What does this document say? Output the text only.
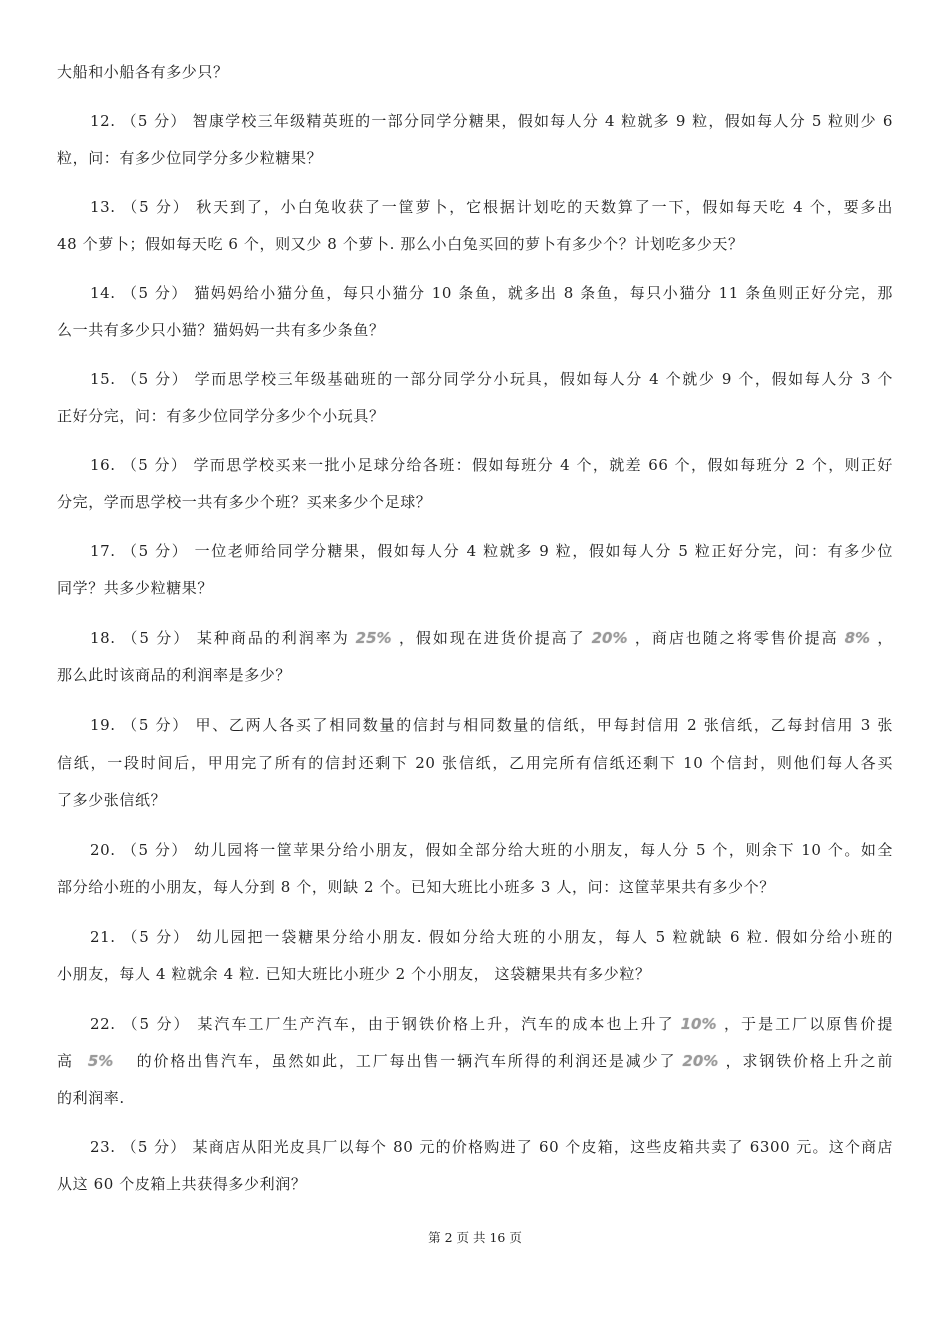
大船和小船各有多少只？
12. （5 分） 智康学校三年级精英班的一部分同学分糖果，假如每人分 4 粒就多 9 粒，假如每人分 5 粒则少 6
粒，问：有多少位同学分多少粒糖果？
13. （5 分） 秋天到了，小白兔收获了一筐萝卜，它根据计划吃的天数算了一下，假如每天吃 4 个，要多出
48 个萝卜；假如每天吃 6 个，则又少 8 个萝卜. 那么小白兔买回的萝卜有多少个？计划吃多少天？
14. （5 分） 猫妈妈给小猫分鱼，每只小猫分 10 条鱼，就多出 8 条鱼，每只小猫分 11 条鱼则正好分完，那
么一共有多少只小猫？猫妈妈一共有多少条鱼？
15. （5 分） 学而思学校三年级基础班的一部分同学分小玩具，假如每人分 4 个就少 9 个，假如每人分 3 个
正好分完，问：有多少位同学分多少个小玩具？
16. （5 分） 学而思学校买来一批小足球分给各班：假如每班分 4 个，就差 66 个，假如每班分 2 个，则正好
分完，学而思学校一共有多少个班？买来多少个足球？
17. （5 分） 一位老师给同学分糖果，假如每人分 4 粒就多 9 粒，假如每人分 5 粒正好分完，问：有多少位
同学？共多少粒糖果？
18. （5 分） 某种商品的利润率为 25% ，假如现在进货价提高了 20% ，商店也随之将零售价提高 8% ，
那么此时该商品的利润率是多少？
19. （5 分） 甲、乙两人各买了相同数量的信封与相同数量的信纸，甲每封信用 2 张信纸，乙每封信用 3 张
信纸，一段时间后，甲用完了所有的信封还剩下 20 张信纸，乙用完所有信纸还剩下 10 个信封，则他们每人各买
了多少张信纸？
20. （5 分） 幼儿园将一筐苹果分给小朋友，假如全部分给大班的小朋友，每人分 5 个，则余下 10 个。如全
部分给小班的小朋友，每人分到 8 个，则缺 2 个。已知大班比小班多 3 人，问：这筐苹果共有多少个？
21. （5 分） 幼儿园把一袋糖果分给小朋友. 假如分给大班的小朋友，每人 5 粒就缺 6 粒. 假如分给小班的
小朋友，每人 4 粒就余 4 粒. 已知大班比小班少 2 个小朋友， 这袋糖果共有多少粒？
22. （5 分） 某汽车工厂生产汽车，由于钢铁价格上升，汽车的成本也上升了 10% ，于是工厂以原售价提
高 5% 的价格出售汽车，虽然如此，工厂每出售一辆汽车所得的利润还是减少了 20% ，求钢铁价格上升之前
的利润率.
23. （5 分） 某商店从阳光皮具厂以每个 80 元的价格购进了 60 个皮箱，这些皮箱共卖了 6300 元。这个商店
从这 60 个皮箱上共获得多少利润？
第 2 页 共 16 页
